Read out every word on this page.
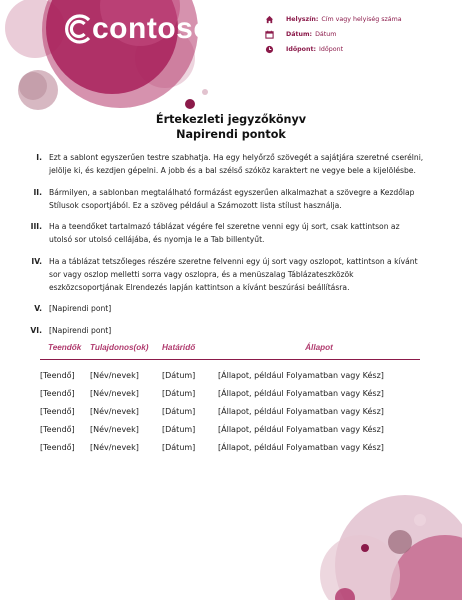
contoso	Helyszín: Cím vagy helyiség száma
Dátum: Dátum
Időpont: Időpont
Értekezleti jegyzőkönyv
Napirendi pontok
I. Ezt a sablont egyszerűen testre szabhatja. Ha egy helyőrző szövegét a sajátjára szeretné cserélni, jelölje ki, és kezdjen gépelni. A jobb és a bal szélső szóköz karaktert ne vegye bele a kijelölésbe.
II. Bármilyen, a sablonban megtalálható formázást egyszerűen alkalmazhat a szövegre a Kezdőlap Stílusok csoportjából. Ez a szöveg például a Számozott lista stílust használja.
III. Ha a teendőket tartalmazó táblázat végére fel szeretne venni egy új sort, csak kattintson az utolsó sor utolsó cellájába, és nyomja le a Tab billentyűt.
IV. Ha a táblázat tetszőleges részére szeretne felvenni egy új sort vagy oszlopot, kattintson a kívánt sor vagy oszlop melletti sorra vagy oszlopra, és a menüszalag Táblázateszközök eszközcsoportjának Elrendezés lapján kattintson a kívánt beszúrási beállításra.
V. [Napirendi pont]
VI. [Napirendi pont]
Teendők	Tulajdonos(ok)	Határidő	Állapot
[Teendő]	[Név/nevek]	[Dátum]	[Állapot, például Folyamatban vagy Kész]
[Teendő]	[Név/nevek]	[Dátum]	[Állapot, például Folyamatban vagy Kész]
[Teendő]	[Név/nevek]	[Dátum]	[Állapot, például Folyamatban vagy Kész]
[Teendő]	[Név/nevek]	[Dátum]	[Állapot, például Folyamatban vagy Kész]
[Teendő]	[Név/nevek]	[Dátum]	[Állapot, például Folyamatban vagy Kész]
